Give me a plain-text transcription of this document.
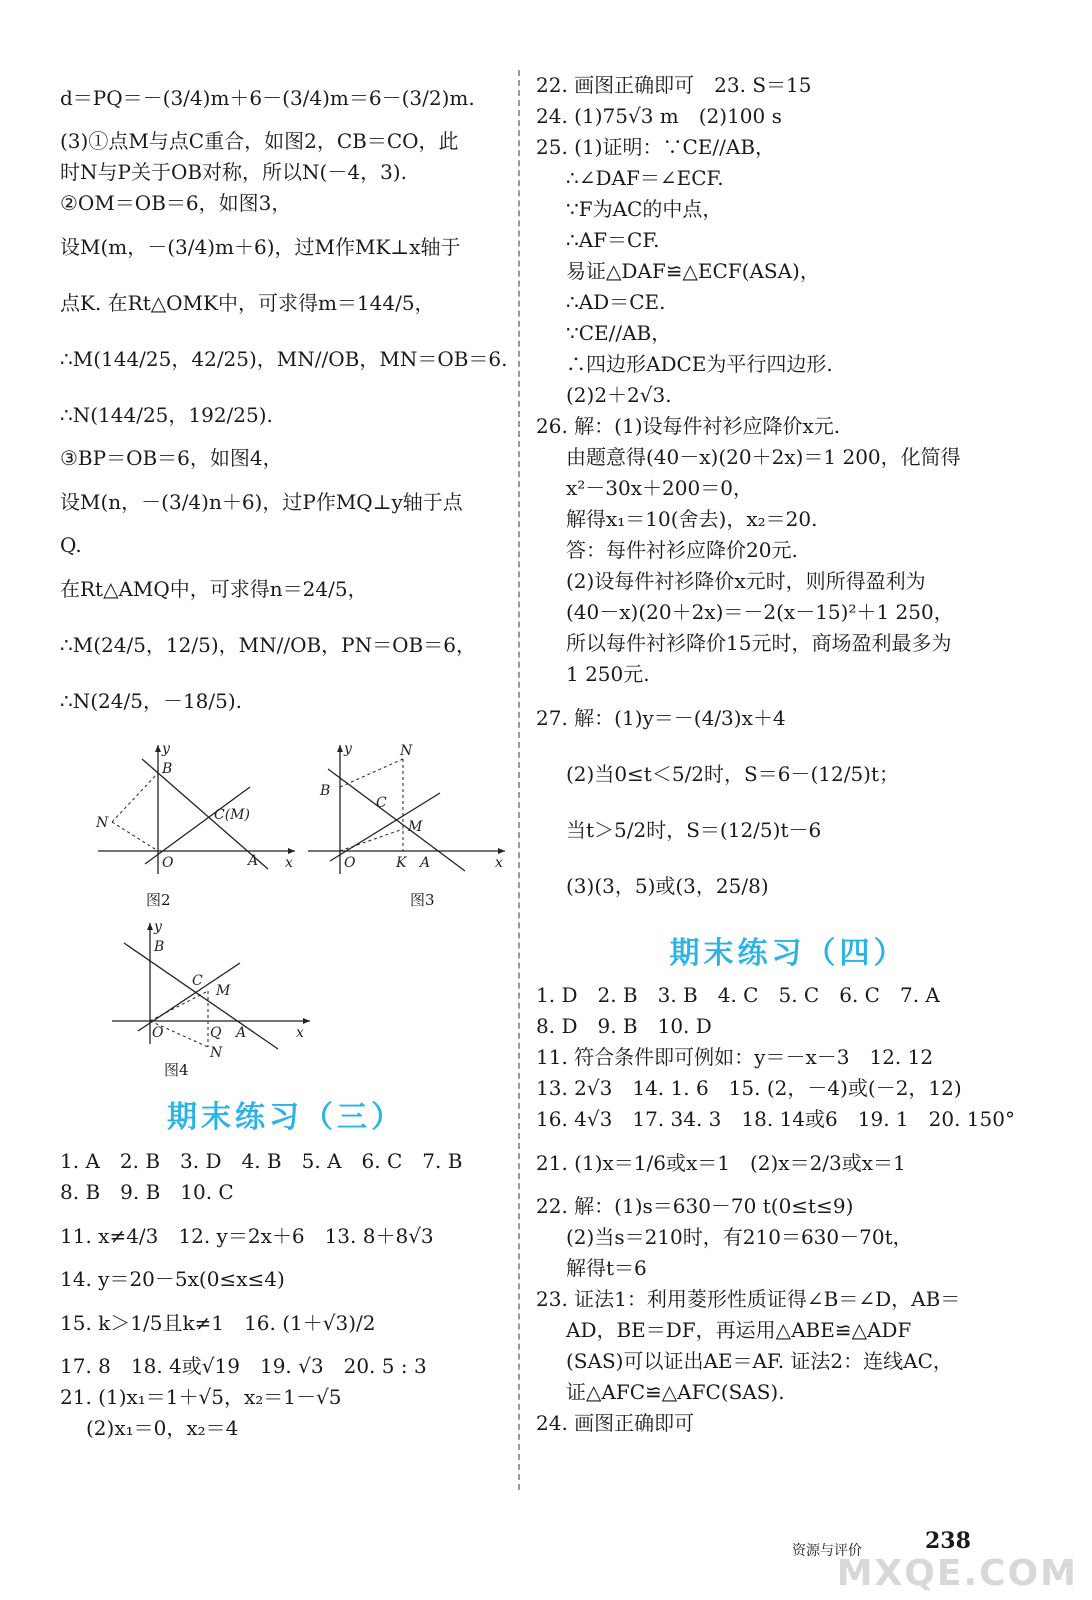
d＝PQ＝－(3/4)m＋6－(3/4)m＝6－(3/2)m.
(3)①点M与点C重合，如图2，CB＝CO，此
时N与P关于OB对称，所以N(－4，3).
②OM＝OB＝6，如图3，
设M(m，－(3/4)m＋6)，过M作MK⊥x轴于
点K. 在Rt△OMK中，可求得m＝144/5，
∴M(144/25，42/25)，MN//OB，MN＝OB＝6.
∴N(144/25，192/25).
③BP＝OB＝6，如图4，
设M(n，－(3/4)n＋6)，过P作MQ⊥y轴于点
Q.
在Rt△AMQ中，可求得n＝24/5，
∴M(24/5，12/5)，MN//OB，PN＝OB＝6，
∴N(24/5，－18/5).
y
B
N	C(M)
O	A x
图2
y	N
B
C
M
O	K A	x
图3
y
B
C
M
O	Q A
N
x
图4
期末练习（三）
1. A　2. B　3. D　4. B　5. A　6. C　7. B
8. B　9. B　10. C
11. x≠4/3　12. y＝2x＋6　13. 8＋8√3
14. y＝20－5x(0≤x≤4)
15. k＞1/5且k≠1　16. (1＋√3)/2
17. 8　18. 4或√19　19. √3　20. 5 : 3
21. (1)x₁＝1＋√5，x₂＝1－√5
(2)x₁＝0，x₂＝4
22. 画图正确即可　23. S＝15
24. (1)75√3 m　(2)100 s
25. (1)证明：∵CE//AB，
∴∠DAF＝∠ECF.
∵F为AC的中点，
∴AF＝CF.
易证△DAF≌△ECF(ASA)，
∴AD＝CE.
∵CE//AB，
∴四边形ADCE为平行四边形.
(2)2＋2√3.
26. 解：(1)设每件衬衫应降价x元.
由题意得(40－x)(20＋2x)＝1 200，化简得
x²－30x＋200＝0，
解得x₁＝10(舍去)，x₂＝20.
答：每件衬衫应降价20元.
(2)设每件衬衫降价x元时，则所得盈利为
(40－x)(20＋2x)＝－2(x－15)²＋1 250，
所以每件衬衫降价15元时，商场盈利最多为
1 250元.
27. 解：(1)y＝－(4/3)x＋4
(2)当0≤t＜5/2时，S＝6－(12/5)t；
当t＞5/2时，S＝(12/5)t－6
(3)(3，5)或(3，25/8)
期末练习（四）
1. D　2. B　3. B　4. C　5. C　6. C　7. A
8. D　9. B　10. D
11. 符合条件即可例如：y＝－x－3　12. 12
13. 2√3　14. 1. 6　15. (2，－4)或(－2，12)
16. 4√3　17. 34. 3　18. 14或6　19. 1　20. 150°
21. (1)x＝1/6或x＝1　(2)x＝2/3或x＝1
22. 解：(1)s＝630－70 t(0≤t≤9)
(2)当s＝210时，有210＝630－70t，
解得t＝6
23. 证法1：利用菱形性质证得∠B＝∠D，AB＝
AD，BE＝DF，再运用△ABE≌△ADF
(SAS)可以证出AE＝AF. 证法2：连线AC，
证△AFC≌△AFC(SAS).
24. 画图正确即可
资源与评价	238
MXQE.COM
